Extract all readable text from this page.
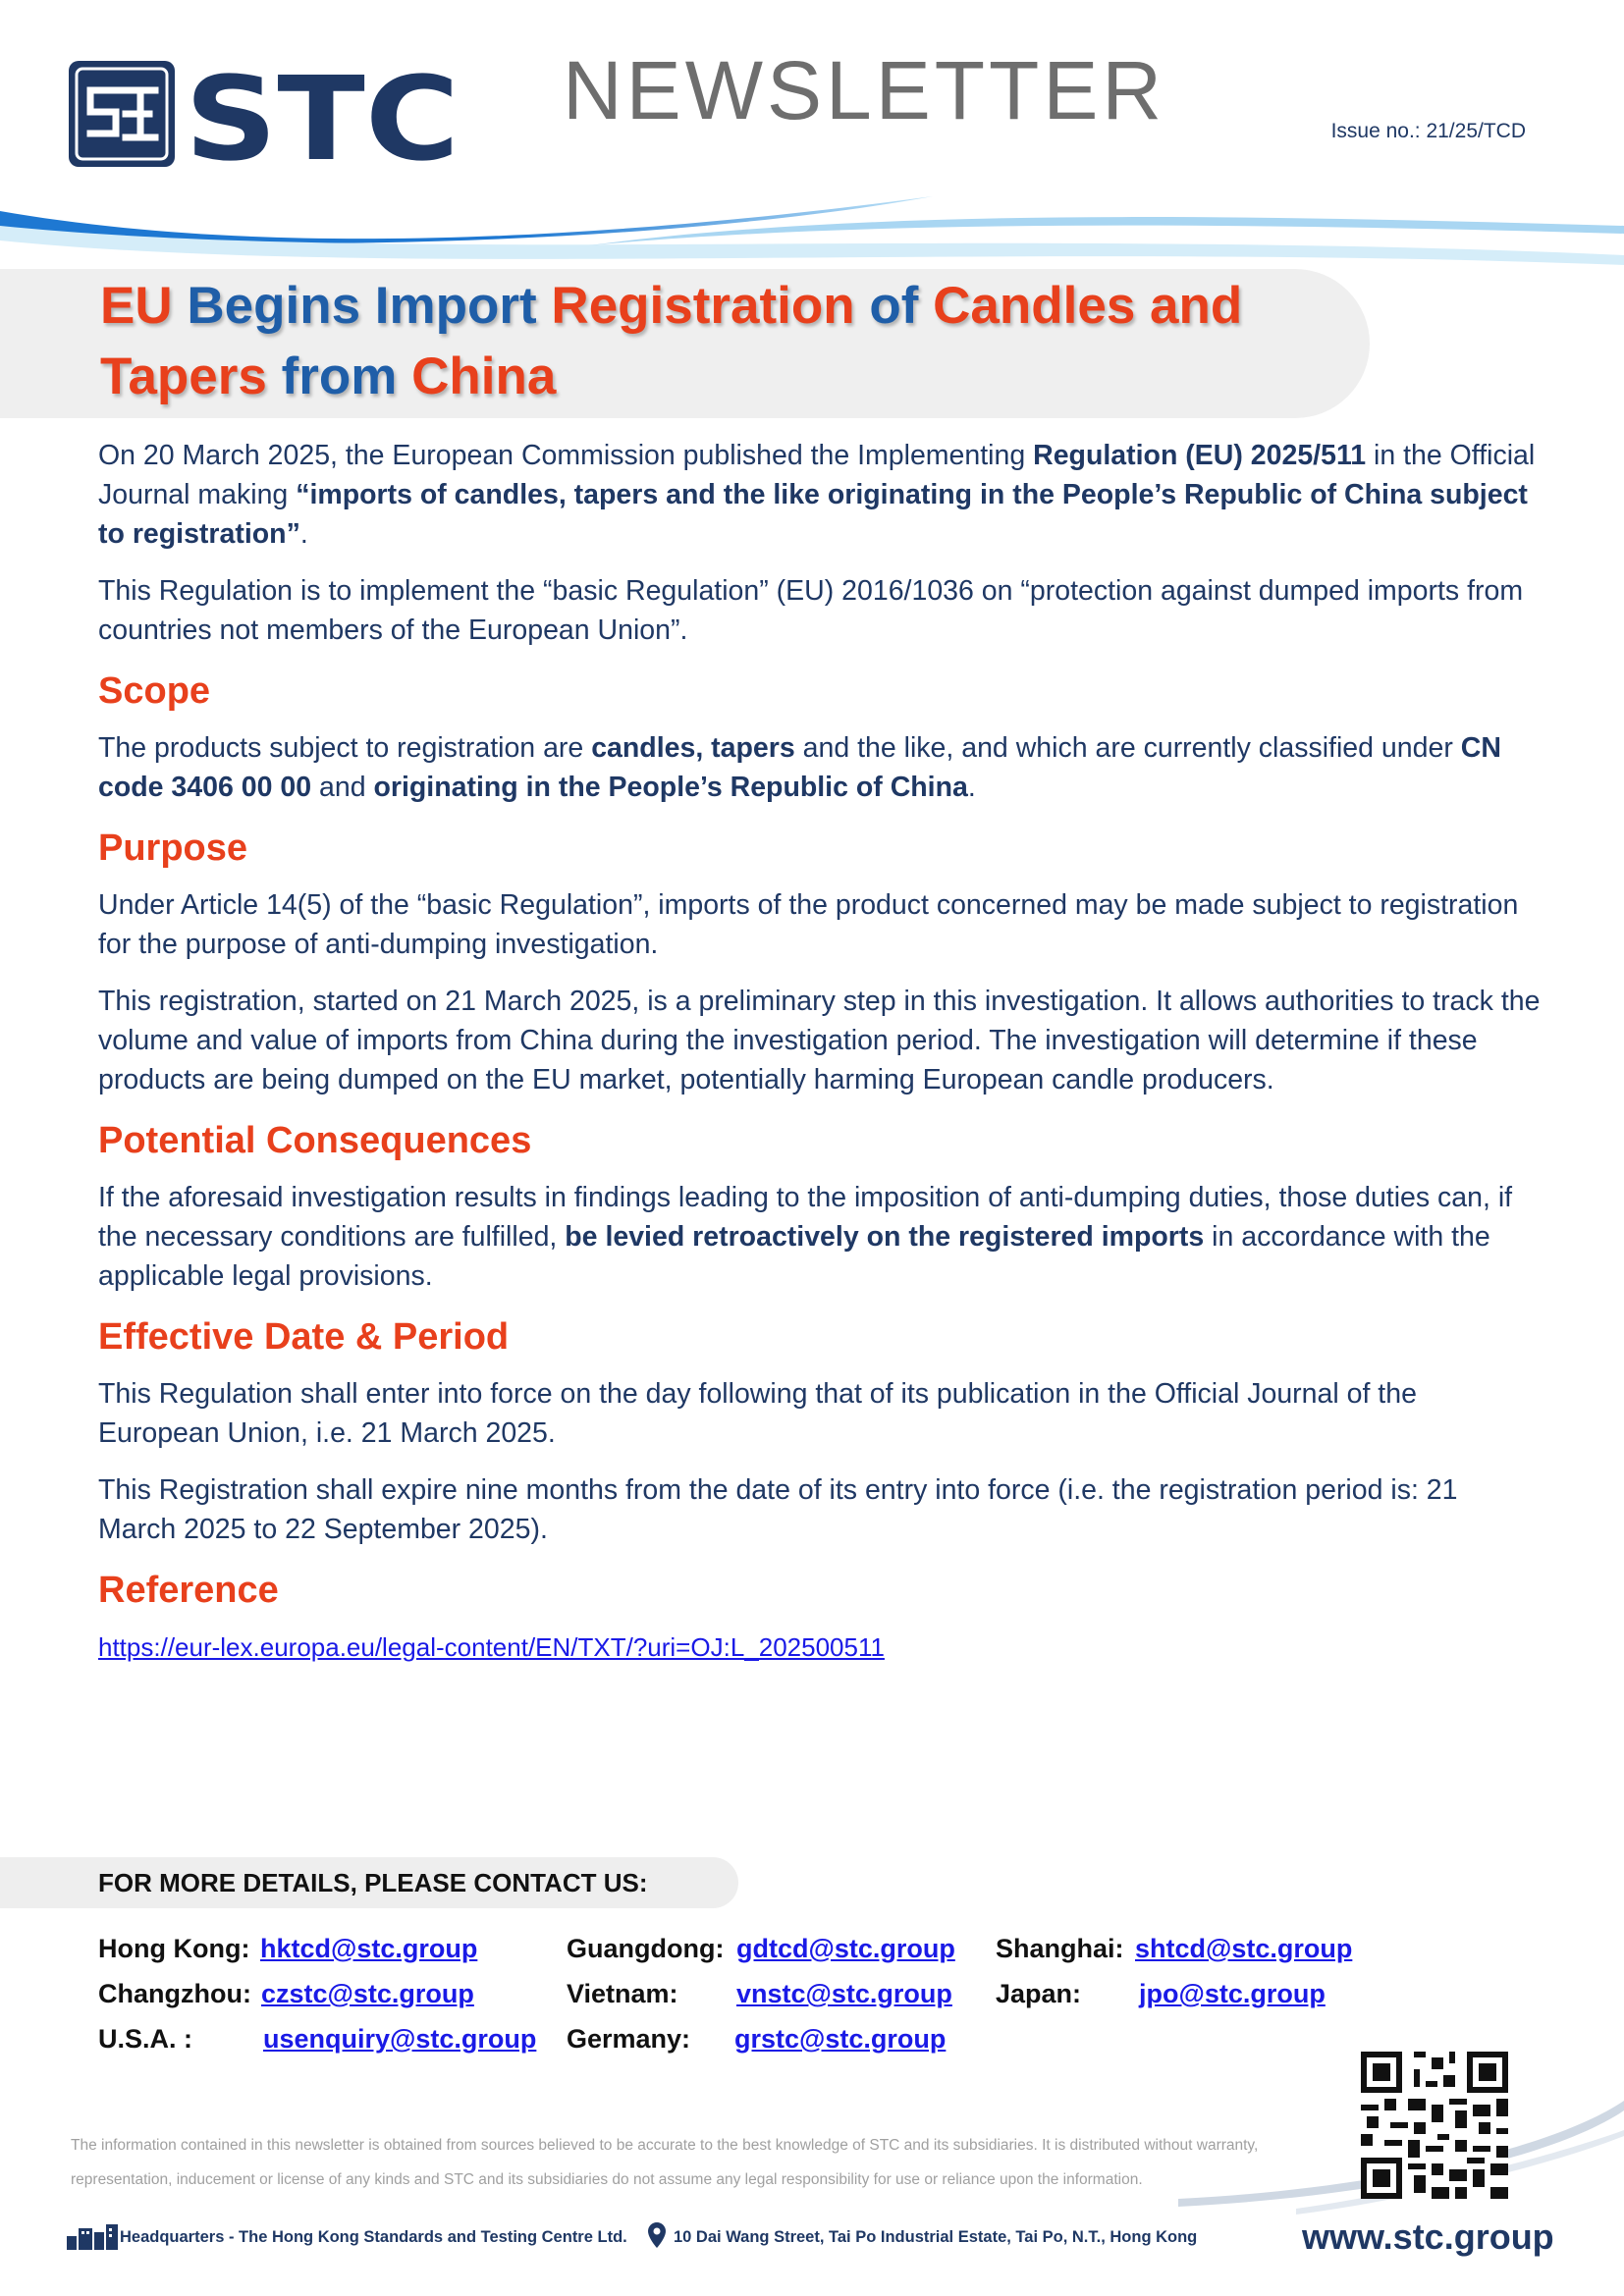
STC NEWSLETTER	Issue no.: 21/25/TCD
EU Begins Import Registration of Candles and
Tapers from China

On 20 March 2025, the European Commission published the Implementing Regulation (EU) 2025/511 in the Official Journal making “imports of candles, tapers and the like originating in the People’s Republic of China subject to registration”.

This Regulation is to implement the “basic Regulation” (EU) 2016/1036 on “protection against dumped imports from countries not members of the European Union”.

Scope

The products subject to registration are candles, tapers and the like, and which are currently classified under CN code 3406 00 00 and originating in the People’s Republic of China.

Purpose

Under Article 14(5) of the “basic Regulation”, imports of the product concerned may be made subject to registration for the purpose of anti-dumping investigation.

This registration, started on 21 March 2025, is a preliminary step in this investigation. It allows authorities to track the volume and value of imports from China during the investigation period. The investigation will determine if these products are being dumped on the EU market, potentially harming European candle producers.

Potential Consequences

If the aforesaid investigation results in findings leading to the imposition of anti-dumping duties, those duties can, if the necessary conditions are fulfilled, be levied retroactively on the registered imports in accordance with the applicable legal provisions.

Effective Date & Period

This Regulation shall enter into force on the day following that of its publication in the Official Journal of the European Union, i.e. 21 March 2025.

This Registration shall expire nine months from the date of its entry into force (i.e. the registration period is: 21 March 2025 to 22 September 2025).

Reference

https://eur-lex.europa.eu/legal-content/EN/TXT/?uri=OJ:L_202500511

FOR MORE DETAILS, PLEASE CONTACT US:
Hong Kong: hktcd@stc.group	Guangdong: gdtcd@stc.group Shanghai: shtcd@stc.group
Changzhou: czstc@stc.group	Vietnam: vnstc@stc.group Japan: jpo@stc.group
U.S.A. :	usenquiry@stc.group Germany: grstc@stc.group
The information contained in this newsletter is obtained from sources believed to be accurate to the best knowledge of STC and its subsidiaries. It is distributed without warranty, representation, inducement or license of any kinds and STC and its subsidiaries do not assume any legal responsibility for use or reliance upon the information.
Headquarters - The Hong Kong Standards and Testing Centre Ltd.	10 Dai Wang Street, Tai Po Industrial Estate, Tai Po, N.T., Hong Kong	www.stc.group
